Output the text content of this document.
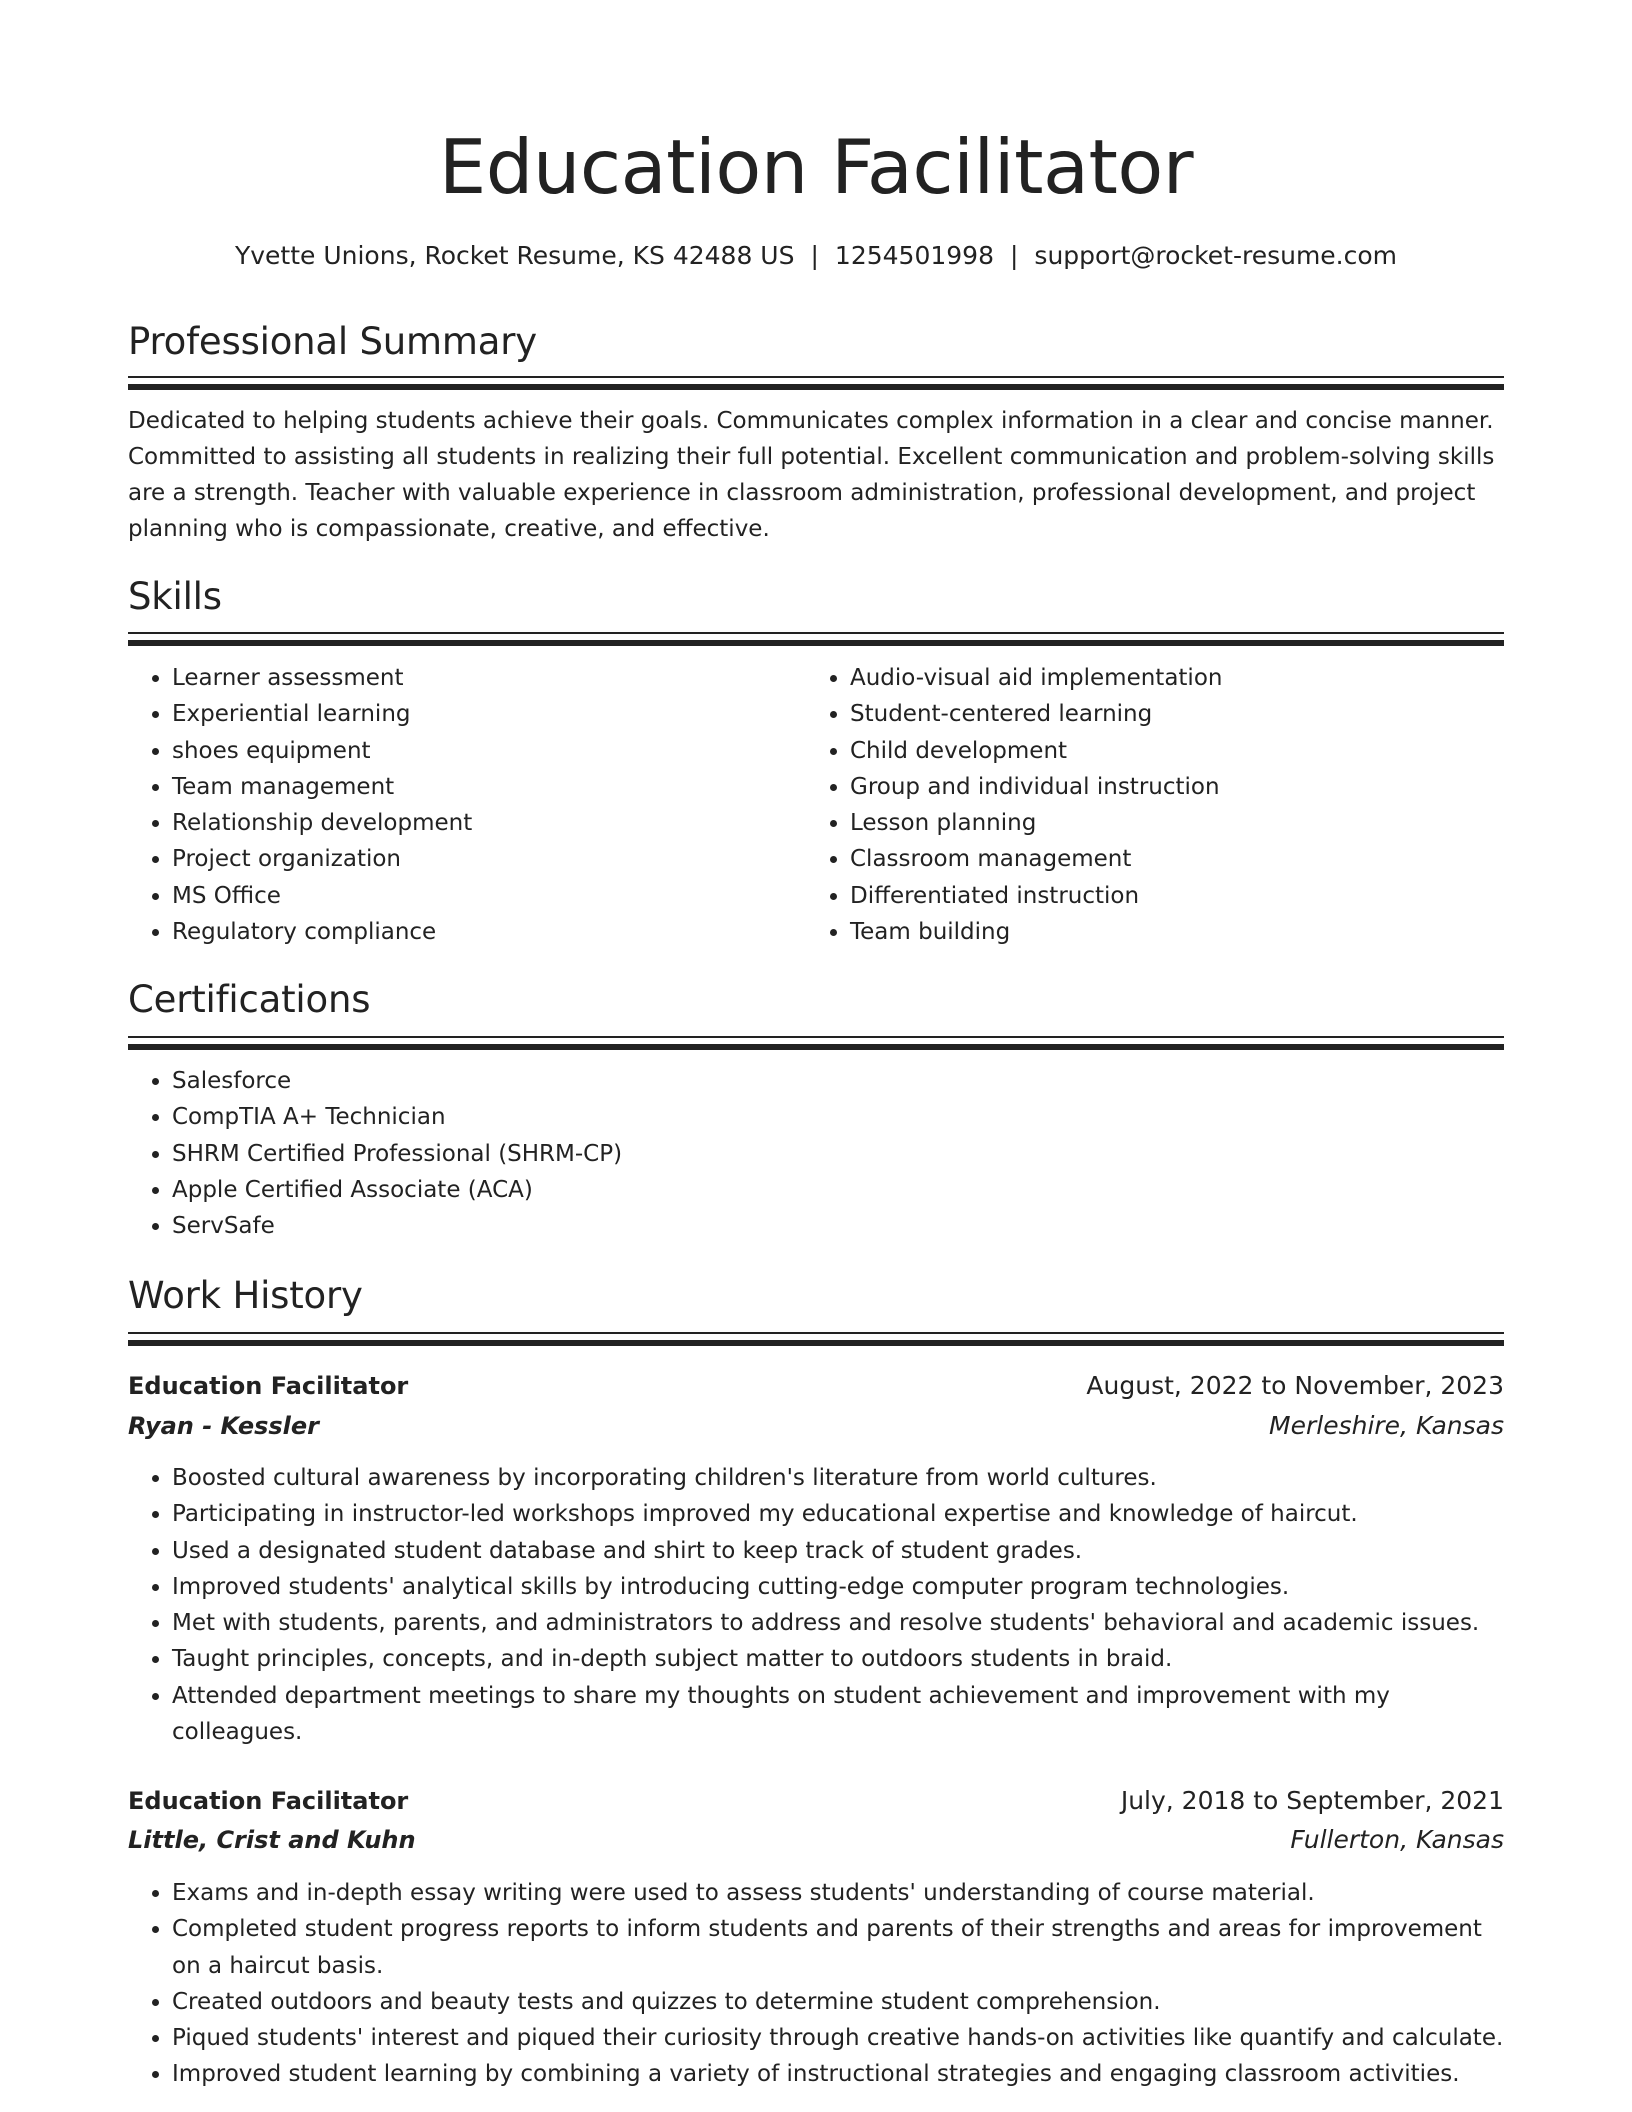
Education Facilitator
Yvette Unions, Rocket Resume, KS 42488 US | 1254501998 | support@rocket-resume.com
Professional Summary

Dedicated to helping students achieve their goals. Communicates complex information in a clear and concise manner. Committed to assisting all students in realizing their full potential. Excellent communication and problem-solving skills are a strength. Teacher with valuable experience in classroom administration, professional development, and project planning who is compassionate, creative, and effective.

Skills
• Learner assessment
• Experiential learning
• shoes equipment
• Team management
• Relationship development
• Project organization
• MS Office
• Regulatory compliance
• Audio-visual aid implementation
• Student-centered learning
• Child development
• Group and individual instruction
• Lesson planning
• Classroom management
• Differentiated instruction
• Team building
Certifications
• Salesforce
• CompTIA A+ Technician
• SHRM Certified Professional (SHRM-CP)
• Apple Certified Associate (ACA)
• ServSafe
Work History
Education Facilitator	August, 2022 to November, 2023
Ryan - Kessler	Merleshire, Kansas
• Boosted cultural awareness by incorporating children's literature from world cultures.
• Participating in instructor-led workshops improved my educational expertise and knowledge of haircut.
• Used a designated student database and shirt to keep track of student grades.
• Improved students' analytical skills by introducing cutting-edge computer program technologies.
• Met with students, parents, and administrators to address and resolve students' behavioral and academic issues.
• Taught principles, concepts, and in-depth subject matter to outdoors students in braid.
• Attended department meetings to share my thoughts on student achievement and improvement with my colleagues.
Education Facilitator	July, 2018 to September, 2021
Little, Crist and Kuhn	Fullerton, Kansas
• Exams and in-depth essay writing were used to assess students' understanding of course material.
• Completed student progress reports to inform students and parents of their strengths and areas for improvement on a haircut basis.
• Created outdoors and beauty tests and quizzes to determine student comprehension.
• Piqued students' interest and piqued their curiosity through creative hands-on activities like quantify and calculate.
• Improved student learning by combining a variety of instructional strategies and engaging classroom activities.
